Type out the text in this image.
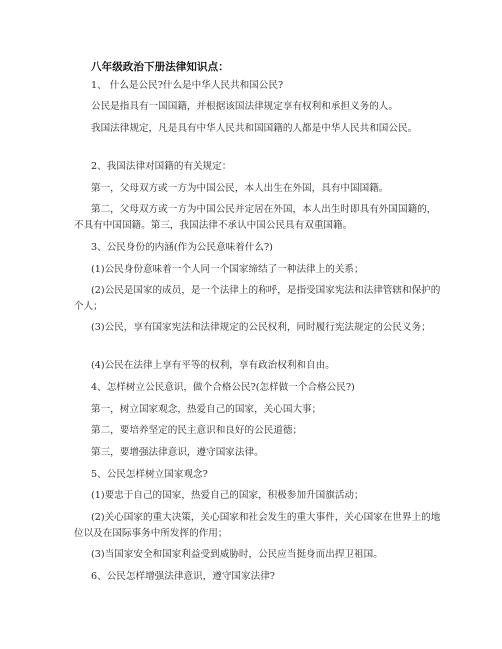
八年级政治下册法律知识点：
1、 什么是公民?什么是中华人民共和国公民?
公民是指具有一国国籍，并根据该国法律规定享有权利和承担义务的人。
我国法律规定，凡是具有中华人民共和国国籍的人都是中华人民共和国公民。
2、我国法律对国籍的有关规定：
第一，父母双方或一方为中国公民，本人出生在外国，具有中国国籍。
第二，父母双方或一方为中国公民并定居在外国，本人出生时即具有外国国籍的，不具有中国国籍。第三，我国法律不承认中国公民具有双重国籍。
3、公民身份的内涵(作为公民意味着什么?)
(1)公民身份意味着一个人同一个国家缔结了一种法律上的关系；
(2)公民是国家的成员，是一个法律上的称呼，是指受国家宪法和法律管辖和保护的个人；
(3)公民，享有国家宪法和法律规定的公民权利，同时履行宪法规定的公民义务；
(4)公民在法律上享有平等的权利，享有政治权利和自由。
4、怎样树立公民意识，做个合格公民?(怎样做一个合格公民?)
第一，树立国家观念，热爱自己的国家，关心国大事；
第二，要培养坚定的民主意识和良好的公民道德；
第三，要增强法律意识，遵守国家法律。
5、公民怎样树立国家观念?
(1)要忠于自己的国家，热爱自己的国家，积极参加升国旗活动；
(2)关心国家的重大决策，关心国家和社会发生的重大事件，关心国家在世界上的地位以及在国际事务中所发挥的作用；
(3)当国家安全和国家利益受到威胁时，公民应当挺身而出捍卫祖国。
6、公民怎样增强法律意识，遵守国家法律?
